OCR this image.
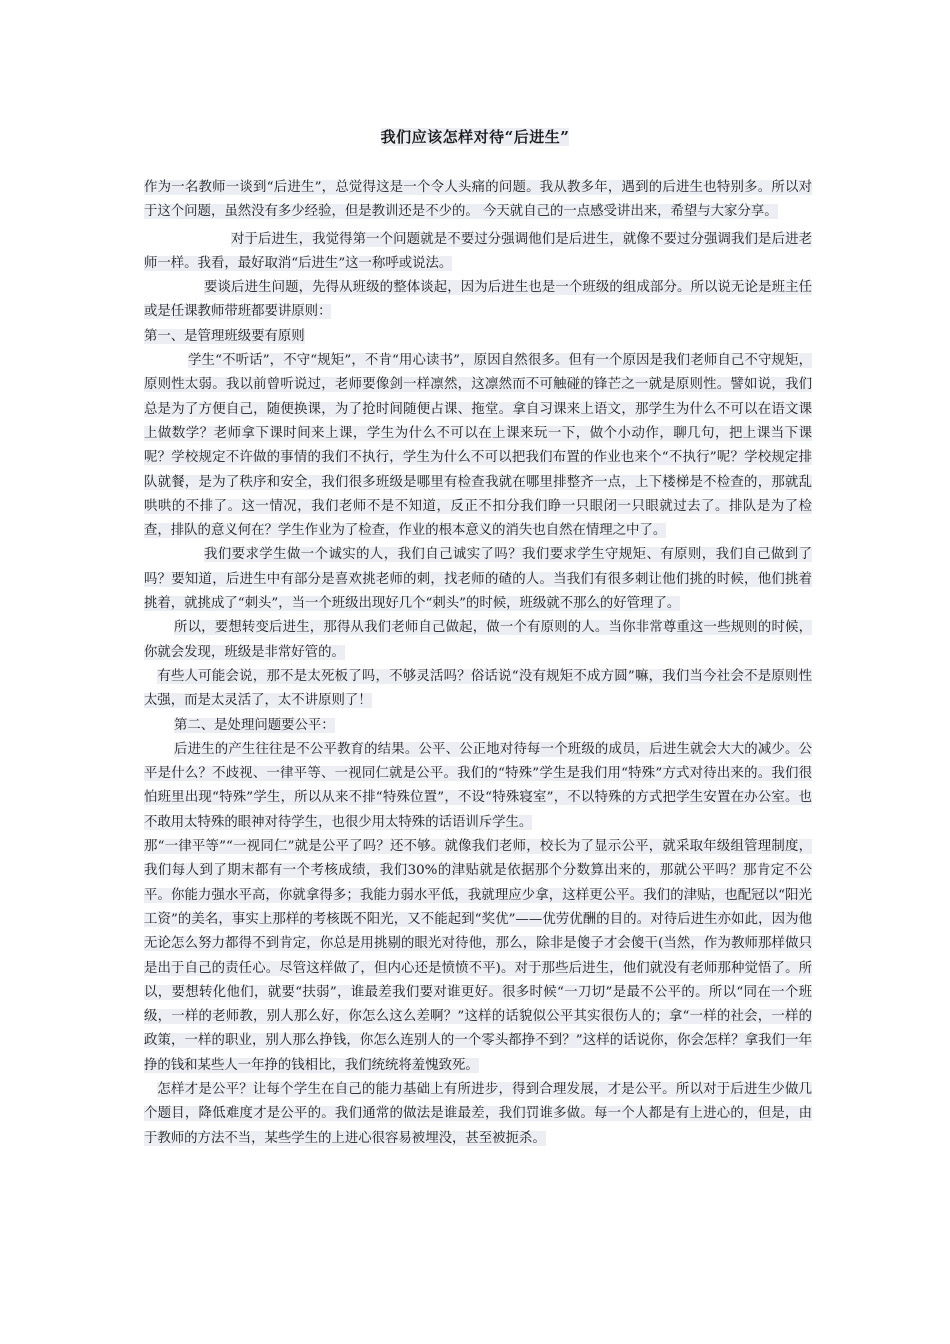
我们应该怎样对待“后进生”

作为一名教师一谈到“后进生”，总觉得这是一个令人头痛的问题。我从教多年，遇到的后进生也特别多。所以对于这个问题，虽然没有多少经验，但是教训还是不少的。 今天就自己的一点感受讲出来，希望与大家分享。

对于后进生，我觉得第一个问题就是不要过分强调他们是后进生，就像不要过分强调我们是后进老师一样。我看，最好取消“后进生”这一称呼或说法。

要谈后进生问题，先得从班级的整体谈起，因为后进生也是一个班级的组成部分。所以说无论是班主任或是任课教师带班都要讲原则：

第一、是管理班级要有原则

学生“不听话”，不守“规矩”，不肯“用心读书”，原因自然很多。但有一个原因是我们老师自己不守规矩，原则性太弱。我以前曾听说过，老师要像剑一样凛然，这凛然而不可触碰的锋芒之一就是原则性。譬如说，我们总是为了方便自己，随便换课，为了抢时间随便占课、拖堂。拿自习课来上语文，那学生为什么不可以在语文课上做数学？老师拿下课时间来上课，学生为什么不可以在上课来玩一下，做个小动作，聊几句，把上课当下课呢？学校规定不许做的事情的我们不执行，学生为什么不可以把我们布置的作业也来个“不执行”呢？学校规定排队就餐，是为了秩序和安全，我们很多班级是哪里有检查我就在哪里排整齐一点，上下楼梯是不检查的，那就乱哄哄的不排了。这一情况，我们老师不是不知道，反正不扣分我们睁一只眼闭一只眼就过去了。排队是为了检查，排队的意义何在？学生作业为了检查，作业的根本意义的消失也自然在情理之中了。

我们要求学生做一个诚实的人，我们自己诚实了吗？我们要求学生守规矩、有原则，我们自己做到了吗？要知道，后进生中有部分是喜欢挑老师的刺，找老师的碴的人。当我们有很多刺让他们挑的时候，他们挑着挑着，就挑成了“刺头”，当一个班级出现好几个“刺头”的时候，班级就不那么的好管理了。

所以，要想转变后进生，那得从我们老师自己做起，做一个有原则的人。当你非常尊重这一些规则的时候，你就会发现，班级是非常好管的。

有些人可能会说，那不是太死板了吗，不够灵活吗？俗话说“没有规矩不成方圆”嘛，我们当今社会不是原则性太强，而是太灵活了，太不讲原则了！

第二、是处理问题要公平：

后进生的产生往往是不公平教育的结果。公平、公正地对待每一个班级的成员，后进生就会大大的减少。公平是什么？不歧视、一律平等、一视同仁就是公平。我们的“特殊”学生是我们用“特殊”方式对待出来的。我们很怕班里出现“特殊”学生，所以从来不排“特殊位置”，不设“特殊寝室”，不以特殊的方式把学生安置在办公室。也不敢用太特殊的眼神对待学生，也很少用太特殊的话语训斥学生。

那“一律平等”“一视同仁”就是公平了吗？还不够。就像我们老师，校长为了显示公平，就采取年级组管理制度，我们每人到了期末都有一个考核成绩，我们30%的津贴就是依据那个分数算出来的，那就公平吗？那肯定不公平。你能力强水平高，你就拿得多；我能力弱水平低，我就理应少拿，这样更公平。我们的津贴，也配冠以“阳光工资”的美名，事实上那样的考核既不阳光，又不能起到“奖优”——优劳优酬的目的。对待后进生亦如此，因为他无论怎么努力都得不到肯定，你总是用挑剔的眼光对待他，那么，除非是傻子才会傻干(当然，作为教师那样做只是出于自己的责任心。尽管这样做了，但内心还是愤愤不平)。对于那些后进生，他们就没有老师那种觉悟了。所以，要想转化他们，就要“扶弱”，谁最差我们要对谁更好。很多时候“一刀切”是最不公平的。所以“同在一个班级，一样的老师教，别人那么好，你怎么这么差啊？”这样的话貌似公平其实很伤人的；拿“一样的社会，一样的政策，一样的职业，别人那么挣钱，你怎么连别人的一个零头都挣不到？”这样的话说你，你会怎样？拿我们一年挣的钱和某些人一年挣的钱相比，我们统统将羞愧致死。

怎样才是公平？让每个学生在自己的能力基础上有所进步，得到合理发展，才是公平。所以对于后进生少做几个题目，降低难度才是公平的。我们通常的做法是谁最差，我们罚谁多做。每一个人都是有上进心的，但是，由于教师的方法不当，某些学生的上进心很容易被埋没，甚至被扼杀。
